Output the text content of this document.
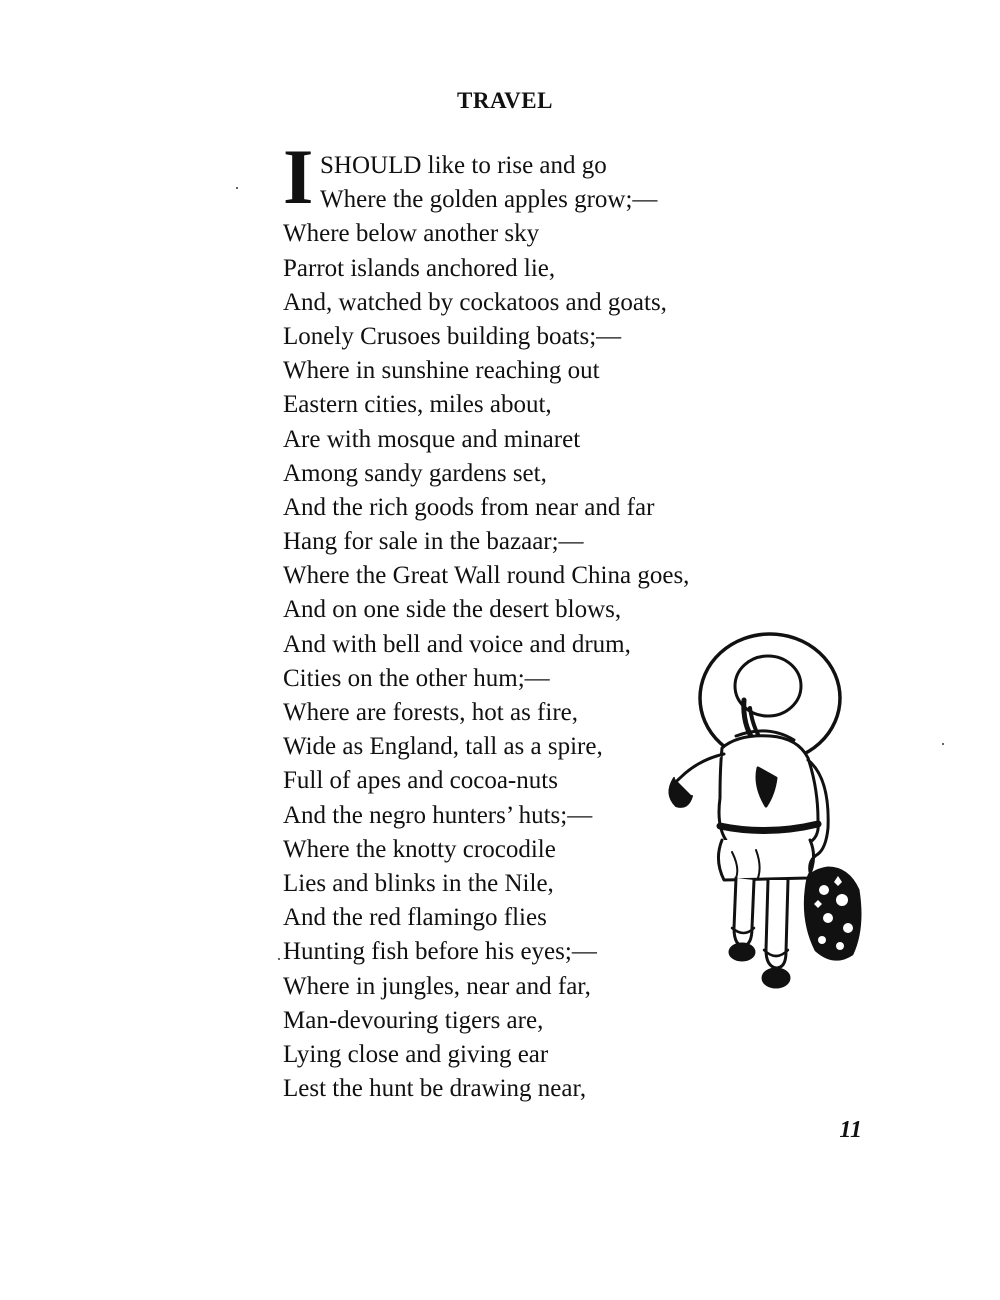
TRAVEL
I SHOULD like to rise and go
Where the golden apples grow;—
Where below another sky
Parrot islands anchored lie,
And, watched by cockatoos and goats,
Lonely Crusoes building boats;—
Where in sunshine reaching out
Eastern cities, miles about,
Are with mosque and minaret
Among sandy gardens set,
And the rich goods from near and far
Hang for sale in the bazaar;—
Where the Great Wall round China goes,
And on one side the desert blows,
And with bell and voice and drum,
Cities on the other hum;—
Where are forests, hot as fire,
Wide as England, tall as a spire,
Full of apes and cocoa-nuts
And the negro hunters’ huts;—
Where the knotty crocodile
Lies and blinks in the Nile,
And the red flamingo flies
Hunting fish before his eyes;—
Where in jungles, near and far,
Man-devouring tigers are,
Lying close and giving ear
Lest the hunt be drawing near,
11
